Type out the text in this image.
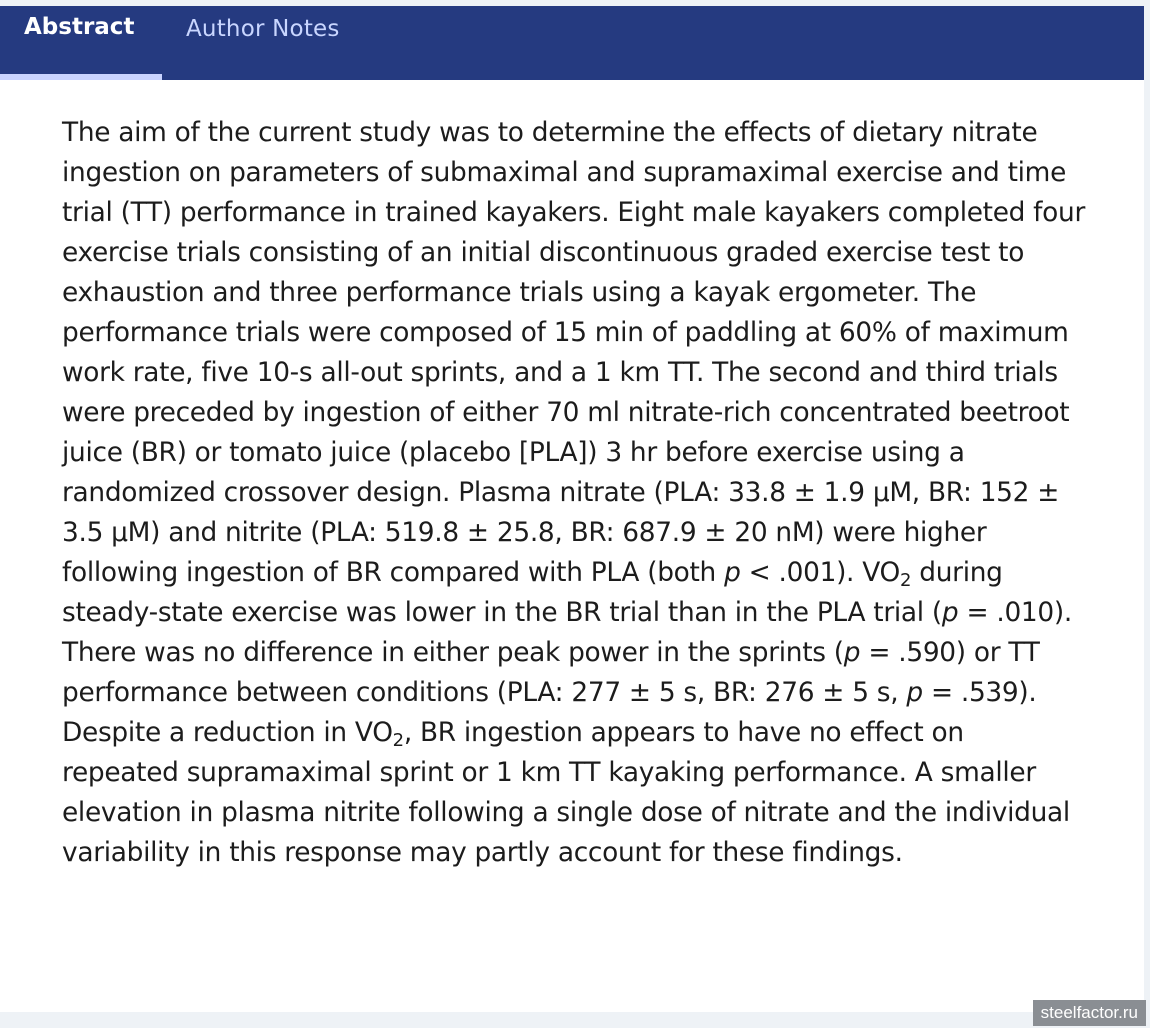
Abstract	Author Notes

The aim of the current study was to determine the effects of dietary nitrate ingestion on parameters of submaximal and supramaximal exercise and time trial (TT) performance in trained kayakers. Eight male kayakers completed four exercise trials consisting of an initial discontinuous graded exercise test to exhaustion and three performance trials using a kayak ergometer. The performance trials were composed of 15 min of paddling at 60% of maximum work rate, five 10-s all-out sprints, and a 1 km TT. The second and third trials were preceded by ingestion of either 70 ml nitrate-rich concentrated beetroot juice (BR) or tomato juice (placebo [PLA]) 3 hr before exercise using a randomized crossover design. Plasma nitrate (PLA: 33.8 ± 1.9 μM, BR: 152 ± 3.5 μM) and nitrite (PLA: 519.8 ± 25.8, BR: 687.9 ± 20 nM) were higher following ingestion of BR compared with PLA (both p < .001). $VO_2$ during steady-state exercise was lower in the BR trial than in the PLA trial (p = .010). There was no difference in either peak power in the sprints (p = .590) or TT performance between conditions (PLA: 277 ± 5 s, BR: 276 ± 5 s, p = .539). Despite a reduction in $VO_2$, BR ingestion appears to have no effect on repeated supramaximal sprint or 1 km TT kayaking performance. A smaller elevation in plasma nitrite following a single dose of nitrate and the individual variability in this response may partly account for these findings.

steelfactor.ru
